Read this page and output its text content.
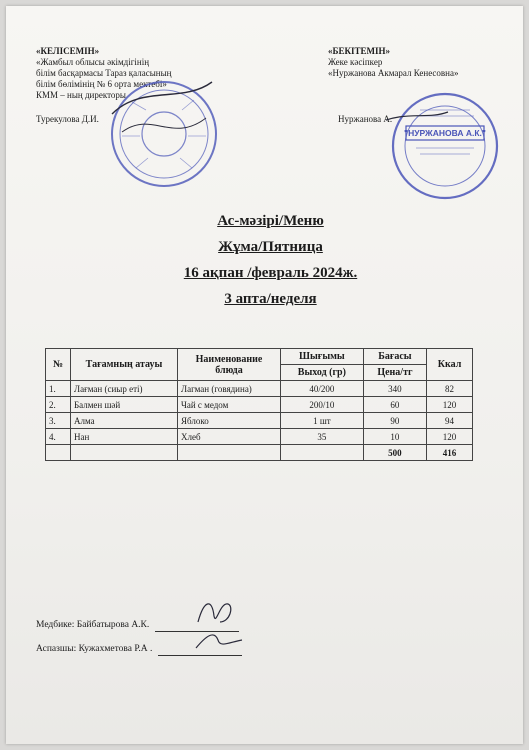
«КЕЛІСЕМІН»
«Жамбыл облысы әкімдігінің
білім басқармасы Тараз қаласының
білім бөлімінің № 6 орта мектебі»
КММ – ның директоры
Турекулова Д.И.
«БЕКІТЕМІН»
Жеке кәсіпкер
«Нуржанова Акмарал Кенесовна»
Нуржанова А.
"НУРЖАНОВА А.К."
Ас-мәзірі/Меню
Жұма/Пятница
16 ақпан /февраль 2024ж.
3 апта/неделя
№	Тағамның атауы	Наименование блюда	Шығымы	Бағасы	Ккал
			Выход (гр)	Цена/тг	
1.	Лағман (сиыр еті)	Лагман (говядина)	40/200	340	82
2.	Балмен шәй	Чай с медом	200/10	60	120
3.	Алма	Яблоко	1 шт	90	94
4.	Нан	Хлеб	35	10	120
				500	416
Медбике: Байбатырова А.К.
Аспазшы: Кужахметова Р.А .
